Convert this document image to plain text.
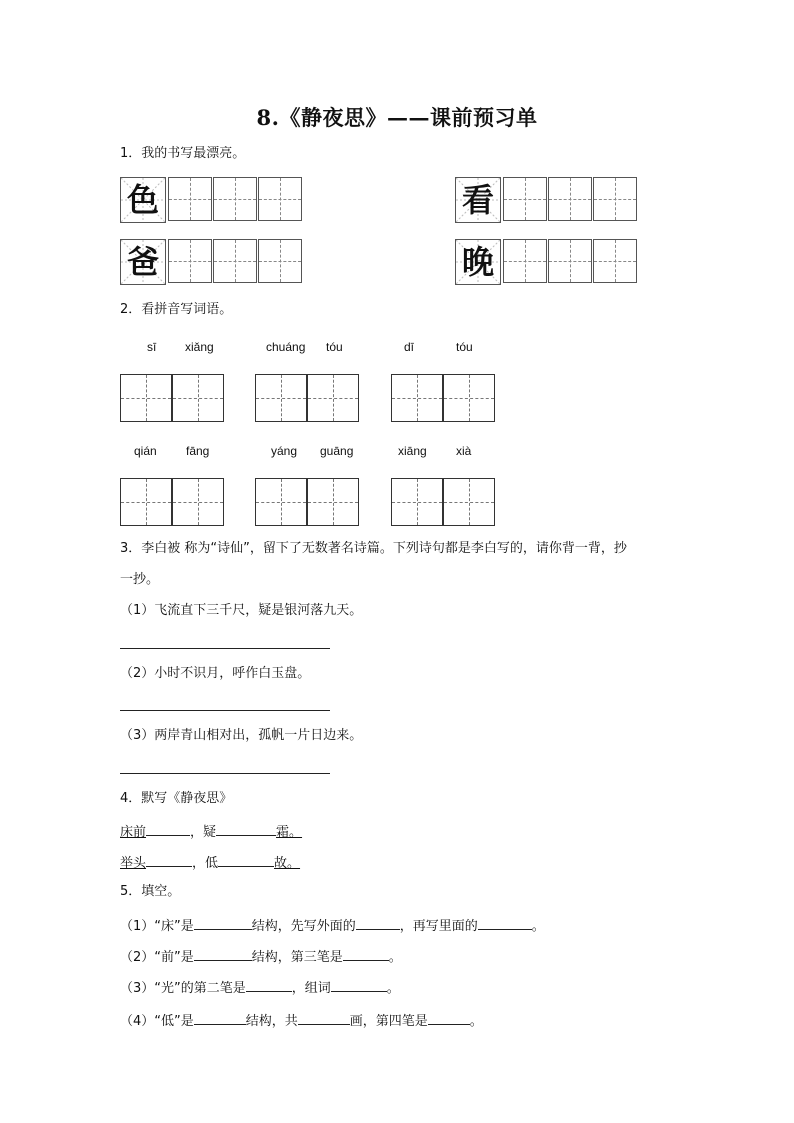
8.《静夜思》——课前预习单
1．我的书写最漂亮。
色	看
爸	晚
2．看拼音写词语。
sī xiǎng	chuáng tóu	dī	tóu
qián fāng	yáng guāng	xiāng xià
3．李白被 称为“诗仙”，留下了无数著名诗篇。下列诗句都是李白写的，请你背一背，抄
一抄。
（1）飞流直下三千尺，疑是银河落九天。
（2）小时不识月，呼作白玉盘。
（3）两岸青山相对出，孤帆一片日边来。
4．默写《静夜思》
床前	，疑	霜。
举头	，低	故。
5．填空。
（1）“床”是	结构，先写外面的	，再写里面的	。
（2）“前”是	结构，第三笔是	。
（3）“光”的第二笔是	，组词	。
（4）“低”是	结构，共	画，第四笔是	。
